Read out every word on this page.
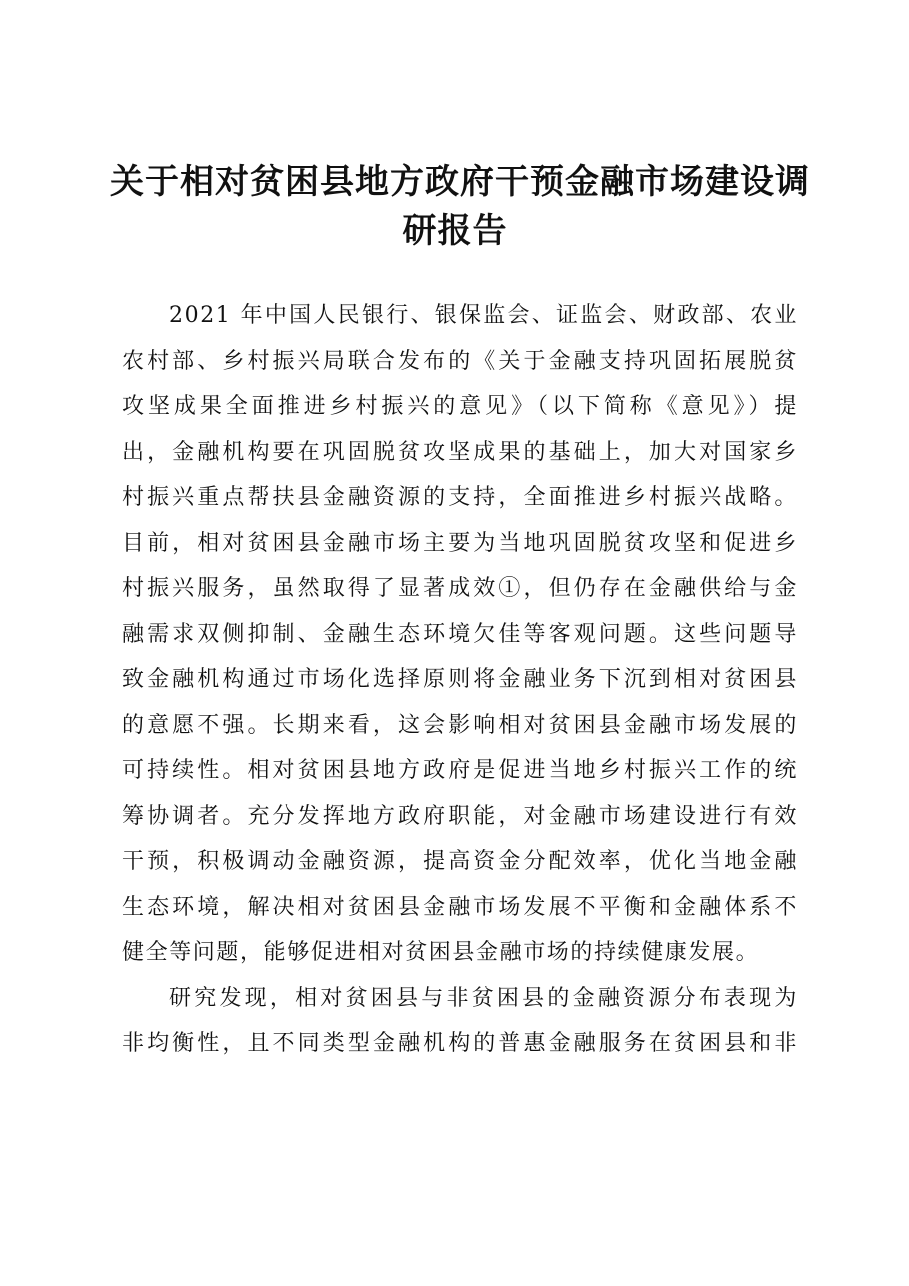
关于相对贫困县地方政府干预金融市场建设调
研报告
2021 年中国人民银行、银保监会、证监会、财政部、农业
农村部、乡村振兴局联合发布的《关于金融支持巩固拓展脱贫
攻坚成果全面推进乡村振兴的意见》（以下简称《意见》）提
出，金融机构要在巩固脱贫攻坚成果的基础上，加大对国家乡
村振兴重点帮扶县金融资源的支持，全面推进乡村振兴战略。
目前，相对贫困县金融市场主要为当地巩固脱贫攻坚和促进乡
村振兴服务，虽然取得了显著成效①，但仍存在金融供给与金
融需求双侧抑制、金融生态环境欠佳等客观问题。这些问题导
致金融机构通过市场化选择原则将金融业务下沉到相对贫困县
的意愿不强。长期来看，这会影响相对贫困县金融市场发展的
可持续性。相对贫困县地方政府是促进当地乡村振兴工作的统
筹协调者。充分发挥地方政府职能，对金融市场建设进行有效
干预，积极调动金融资源，提高资金分配效率，优化当地金融
生态环境，解决相对贫困县金融市场发展不平衡和金融体系不
健全等问题，能够促进相对贫困县金融市场的持续健康发展。
研究发现，相对贫困县与非贫困县的金融资源分布表现为
非均衡性，且不同类型金融机构的普惠金融服务在贫困县和非
